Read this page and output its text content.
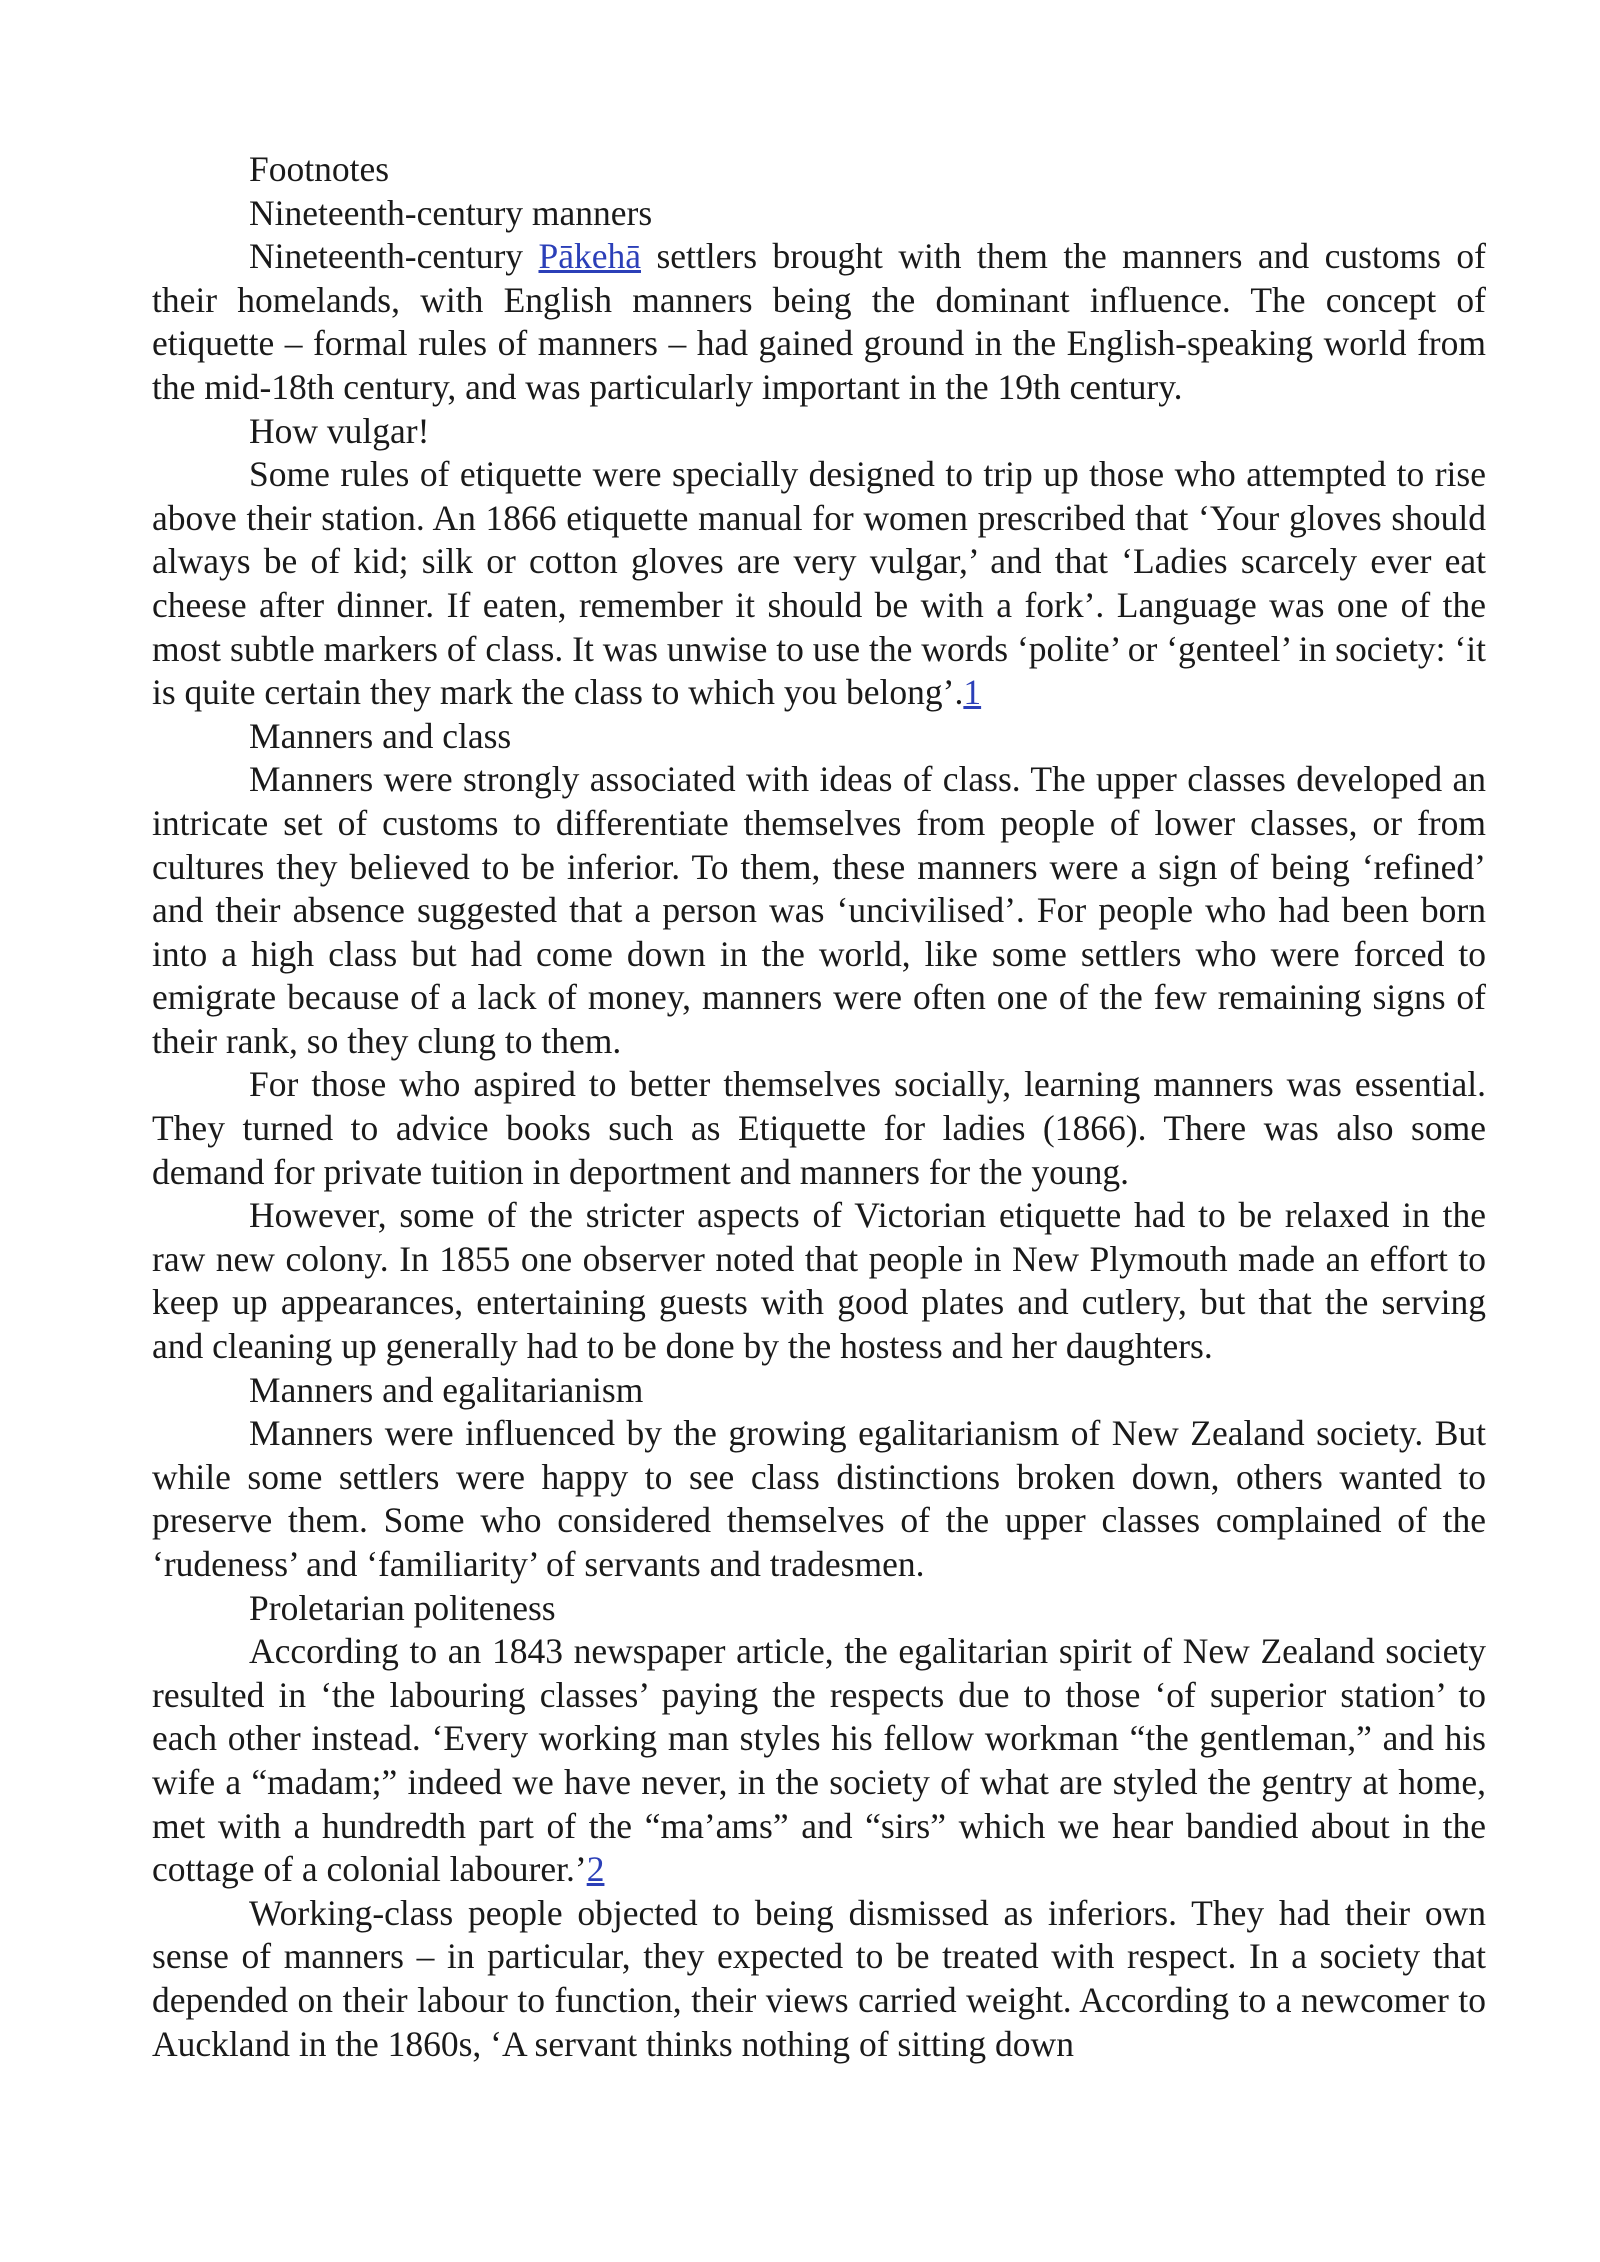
Footnotes

Nineteenth-century manners

Nineteenth-century Pākehā settlers brought with them the manners and customs of their homelands, with English manners being the dominant influence. The concept of etiquette – formal rules of manners – had gained ground in the English-speaking world from the mid-18th century, and was particularly important in the 19th century.

How vulgar!

Some rules of etiquette were specially designed to trip up those who attempted to rise above their station. An 1866 etiquette manual for women prescribed that ‘Your gloves should always be of kid; silk or cotton gloves are very vulgar,’ and that ‘Ladies scarcely ever eat cheese after dinner. If eaten, remember it should be with a fork’. Language was one of the most subtle markers of class. It was unwise to use the words ‘polite’ or ‘genteel’ in society: ‘it is quite certain they mark the class to which you belong’.1

Manners and class

Manners were strongly associated with ideas of class. The upper classes developed an intricate set of customs to differentiate themselves from people of lower classes, or from cultures they believed to be inferior. To them, these manners were a sign of being ‘refined’ and their absence suggested that a person was ‘uncivilised’. For people who had been born into a high class but had come down in the world, like some settlers who were forced to emigrate because of a lack of money, manners were often one of the few remaining signs of their rank, so they clung to them.

For those who aspired to better themselves socially, learning manners was essential. They turned to advice books such as Etiquette for ladies (1866). There was also some demand for private tuition in deportment and manners for the young.

However, some of the stricter aspects of Victorian etiquette had to be relaxed in the raw new colony. In 1855 one observer noted that people in New Plymouth made an effort to keep up appearances, entertaining guests with good plates and cutlery, but that the serving and cleaning up generally had to be done by the hostess and her daughters.

Manners and egalitarianism

Manners were influenced by the growing egalitarianism of New Zealand society. But while some settlers were happy to see class distinctions broken down, others wanted to preserve them. Some who considered themselves of the upper classes complained of the ‘rudeness’ and ‘familiarity’ of servants and tradesmen.

Proletarian politeness

According to an 1843 newspaper article, the egalitarian spirit of New Zealand society resulted in ‘the labouring classes’ paying the respects due to those ‘of superior station’ to each other instead. ‘Every working man styles his fellow workman “the gentleman,” and his wife a “madam;” indeed we have never, in the society of what are styled the gentry at home, met with a hundredth part of the “ma’ams” and “sirs” which we hear bandied about in the cottage of a colonial labourer.’2

Working-class people objected to being dismissed as inferiors. They had their own sense of manners – in particular, they expected to be treated with respect. In a society that depended on their labour to function, their views carried weight. According to a newcomer to Auckland in the 1860s, ‘A servant thinks nothing of sitting down
